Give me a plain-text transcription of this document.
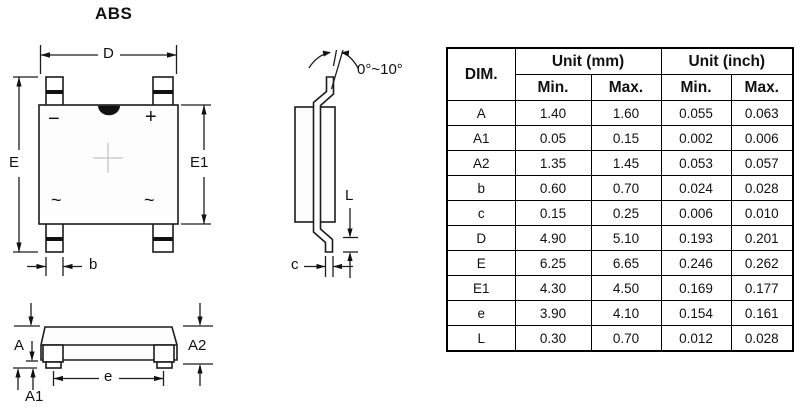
ABS
D
E	E1
b
−	+
~	~
0°~10°
L
c
A
A1
A2
e
DIM.	Unit (mm)		Unit (inch)	
	Min.	Max.	Min.	Max.
A	1.40	1.60	0.055	0.063
A1	0.05	0.15	0.002	0.006
A2	1.35	1.45	0.053	0.057
b	0.60	0.70	0.024	0.028
c	0.15	0.25	0.006	0.010
D	4.90	5.10	0.193	0.201
E	6.25	6.65	0.246	0.262
E1	4.30	4.50	0.169	0.177
e	3.90	4.10	0.154	0.161
L	0.30	0.70	0.012	0.028
